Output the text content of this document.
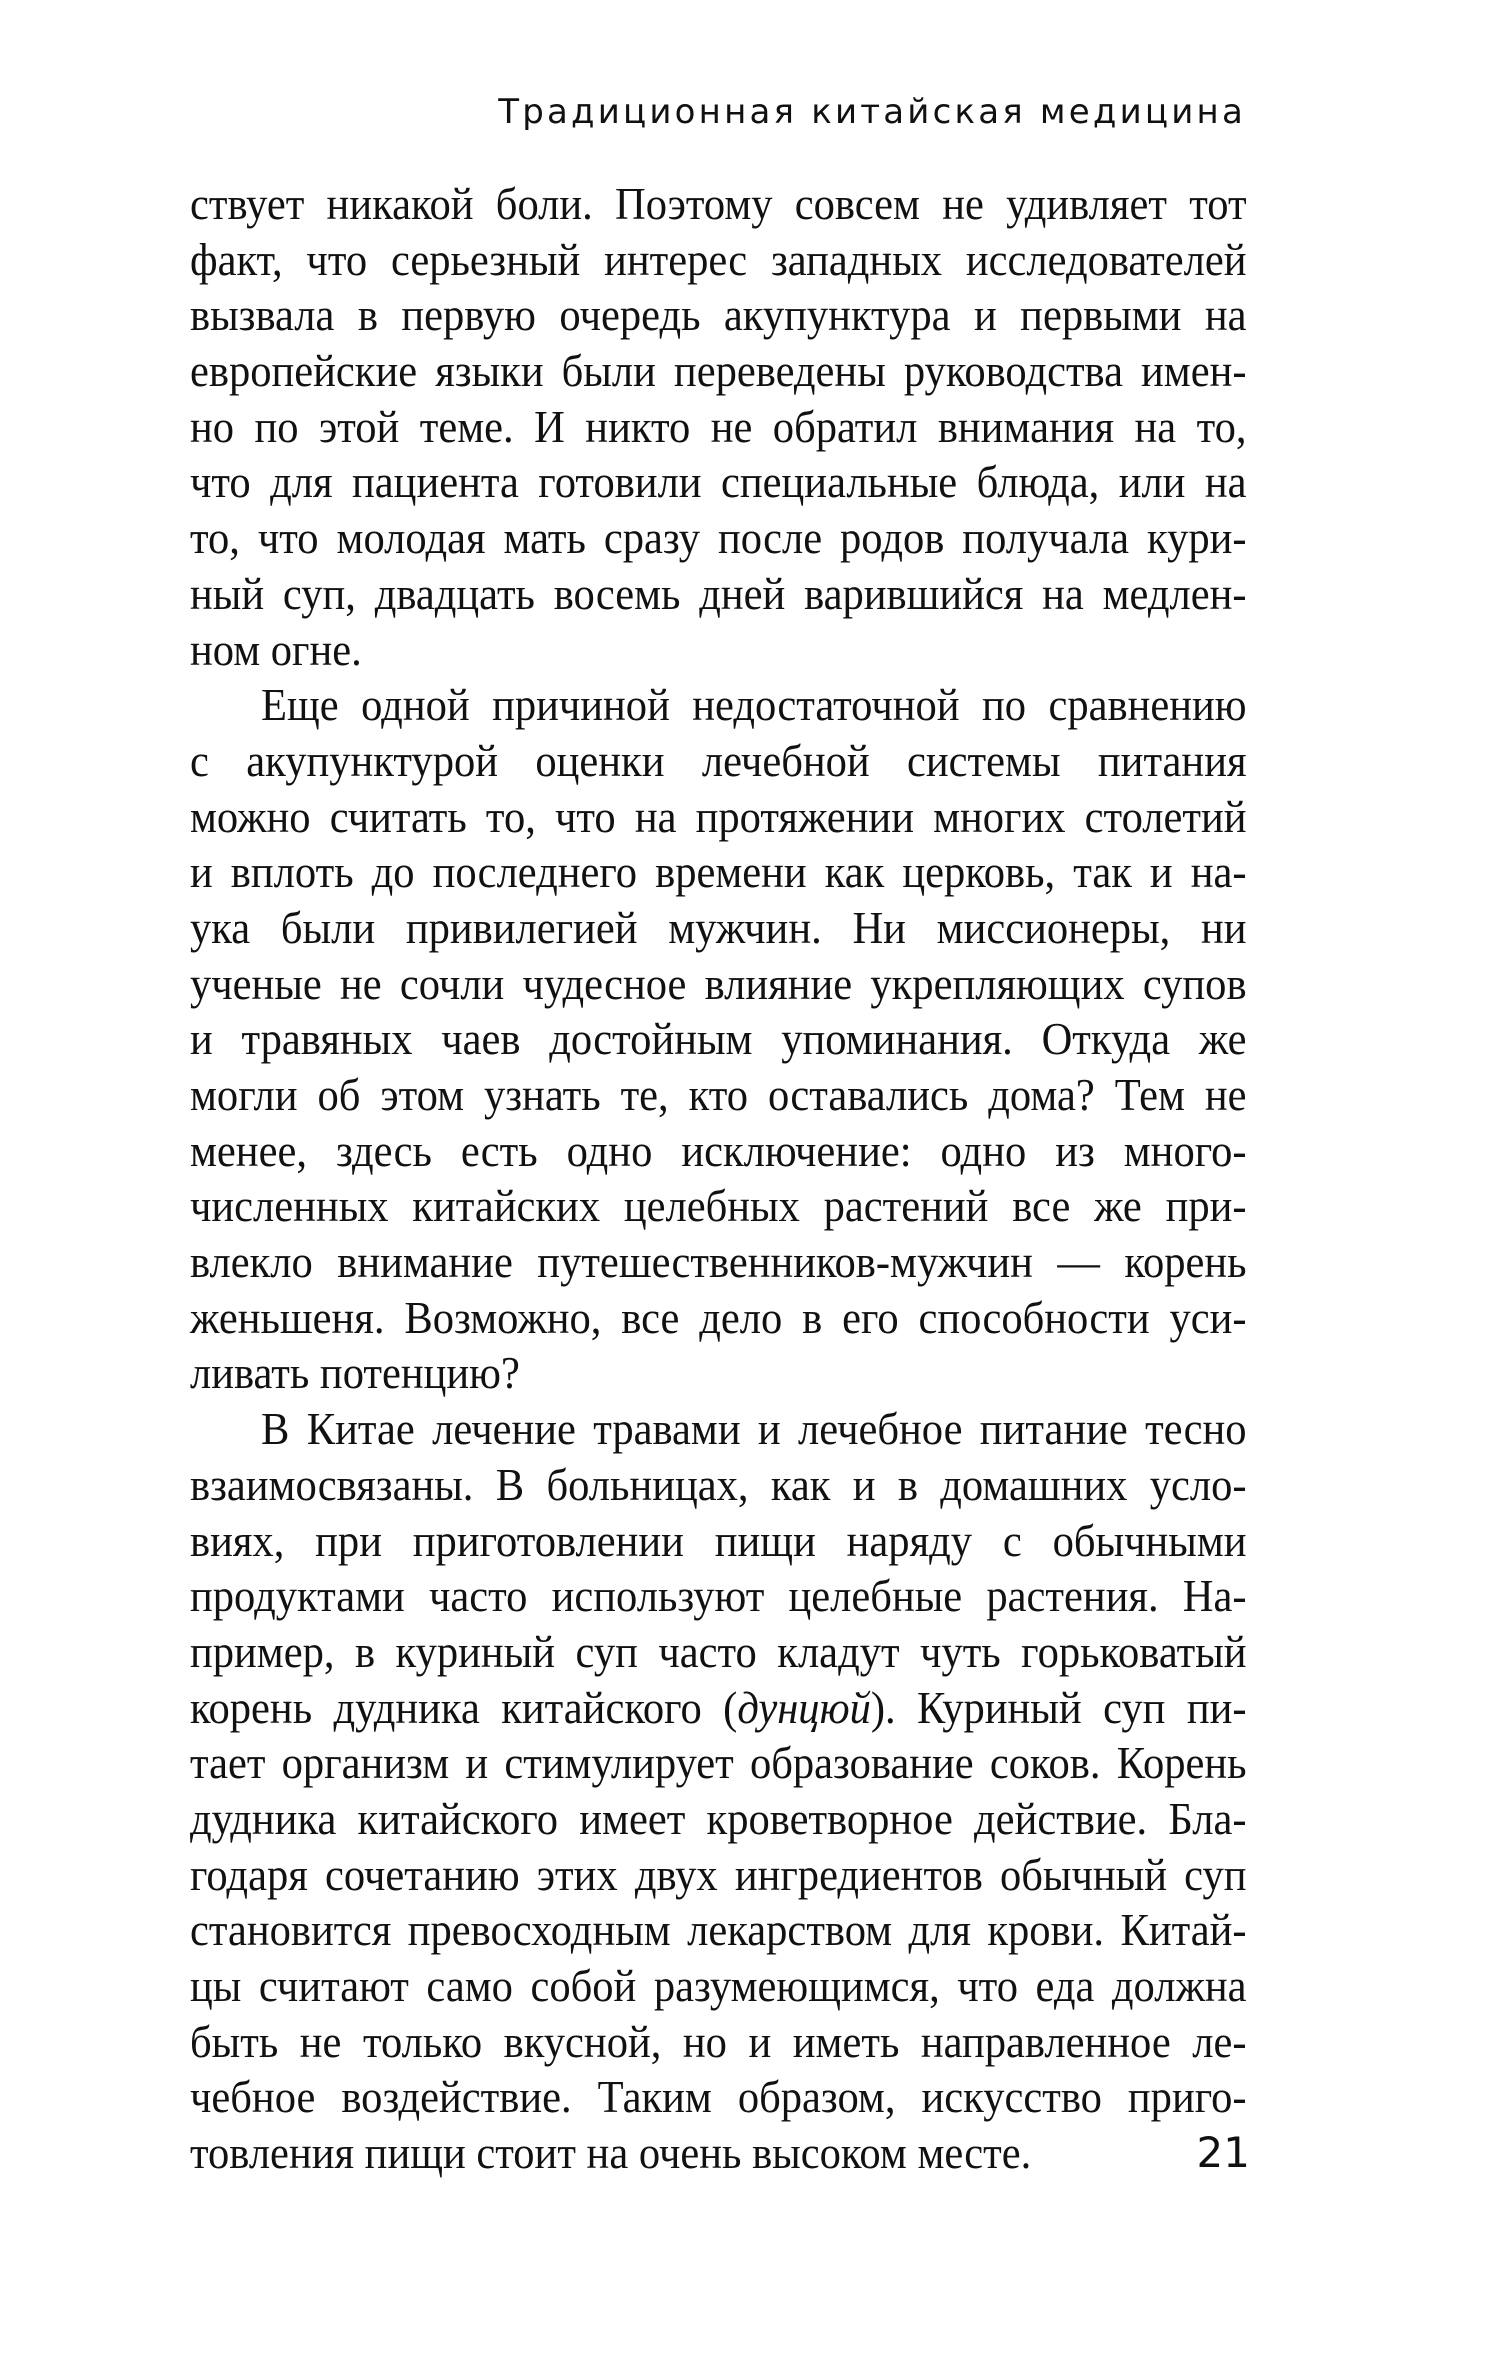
Традиционная китайская медицина
ствует никакой боли. Поэтому совсем не удивляет тот
факт, что серьезный интерес западных исследователей
вызвала в первую очередь акупунктура и первыми на
европейские языки были переведены руководства имен-
но по этой теме. И никто не обратил внимания на то,
что для пациента готовили специальные блюда, или на
то, что молодая мать сразу после родов получала кури-
ный суп, двадцать восемь дней варившийся на медлен-
ном огне.
Еще одной причиной недостаточной по сравнению
с акупунктурой оценки лечебной системы питания
можно считать то, что на протяжении многих столетий
и вплоть до последнего времени как церковь, так и на-
ука были привилегией мужчин. Ни миссионеры, ни
ученые не сочли чудесное влияние укрепляющих супов
и травяных чаев достойным упоминания. Откуда же
могли об этом узнать те, кто оставались дома? Тем не
менее, здесь есть одно исключение: одно из много-
численных китайских целебных растений все же при-
влекло внимание путешественников-мужчин — корень
женьшеня. Возможно, все дело в его способности уси-
ливать потенцию?
В Китае лечение травами и лечебное питание тесно
взаимосвязаны. В больницах, как и в домашних усло-
виях, при приготовлении пищи наряду с обычными
продуктами часто используют целебные растения. На-
пример, в куриный суп часто кладут чуть горьковатый
корень дудника китайского (дунцюй). Куриный суп пи-
тает организм и стимулирует образование соков. Корень
дудника китайского имеет кроветворное действие. Бла-
годаря сочетанию этих двух ингредиентов обычный суп
становится превосходным лекарством для крови. Китай-
цы считают само собой разумеющимся, что еда должна
быть не только вкусной, но и иметь направленное ле-
чебное воздействие. Таким образом, искусство приго-
товления пищи стоит на очень высоком месте.	21
